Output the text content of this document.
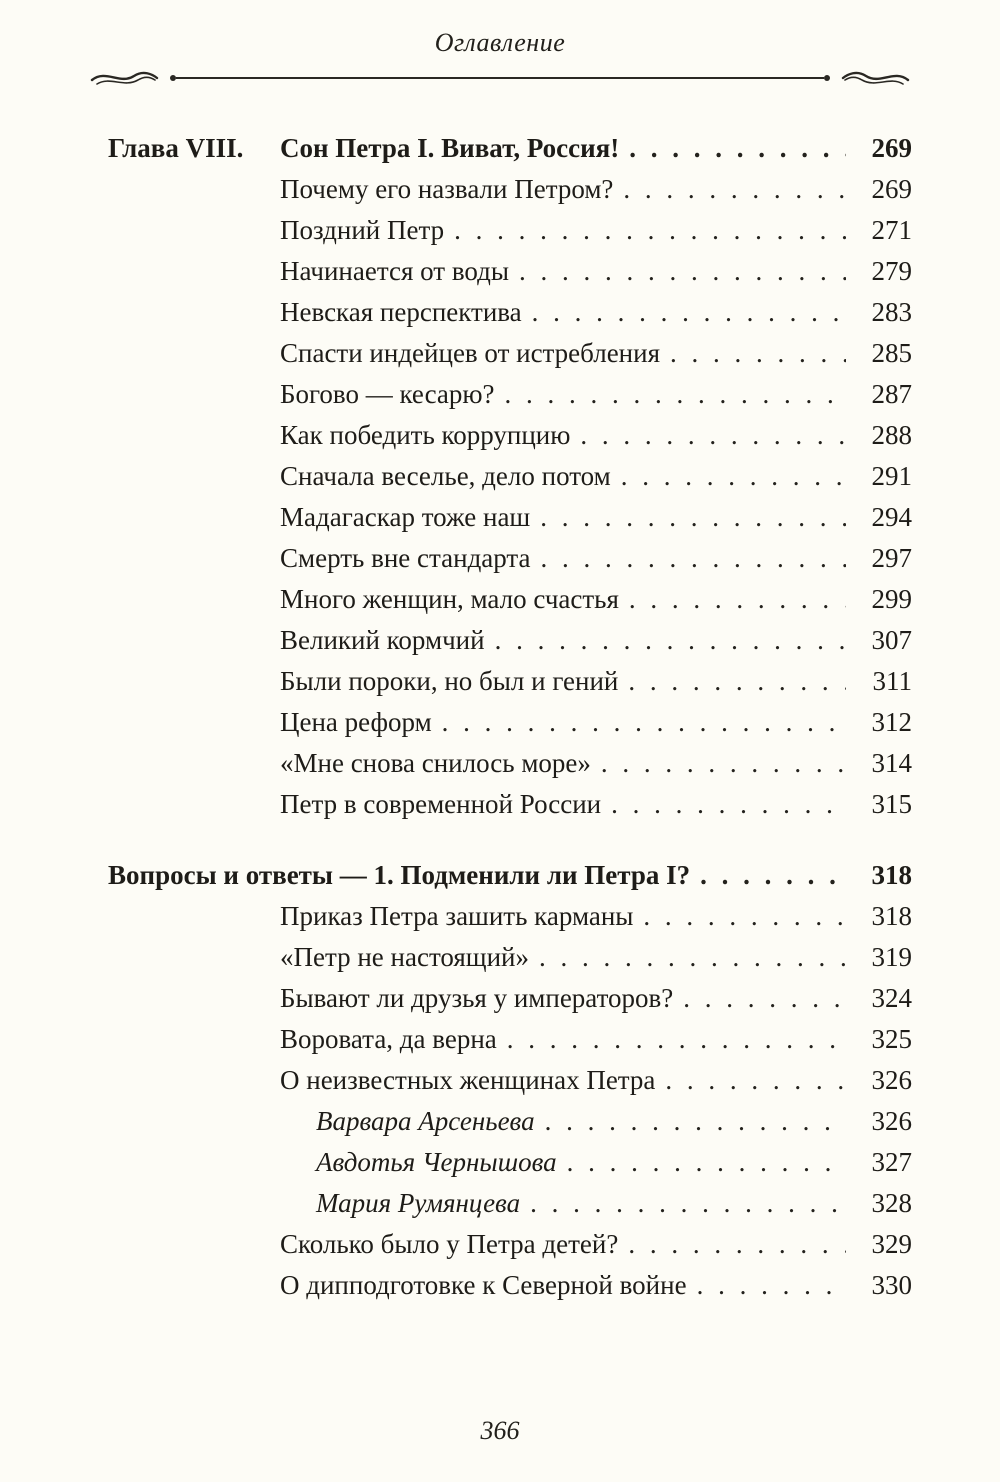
Оглавление
Глава VIII.	Сон Петра I. Виват, Россия! . . .	269
Почему его назвали Петром? . . .	269
Поздний Петр . . .	271
Начинается от воды . . .	279
Невская перспектива . . .	283
Спасти индейцев от истребления . . .	285
Богово — кесарю? . . .	287
Как победить коррупцию . . .	288
Сначала веселье, дело потом . . .	291
Мадагаскар тоже наш . . .	294
Смерть вне стандарта . . .	297
Много женщин, мало счастья . . .	299
Великий кормчий . . .	307
Были пороки, но был и гений . . .	311
Цена реформ . . .	312
«Мне снова снилось море» . . .	314
Петр в современной России . . .	315
Вопросы и ответы — 1. Подменили ли Петра I? . . .	318
Приказ Петра зашить карманы . . .	318
«Петр не настоящий» . . .	319
Бывают ли друзья у императоров? . . .	324
Воровата, да верна . . .	325
О неизвестных женщинах Петра . . .	326
Варвара Арсеньева . . .	326
Авдотья Чернышова . . .	327
Мария Румянцева . . .	328
Сколько было у Петра детей? . . .	329
О дипподготовке к Северной войне . . .	330
366
